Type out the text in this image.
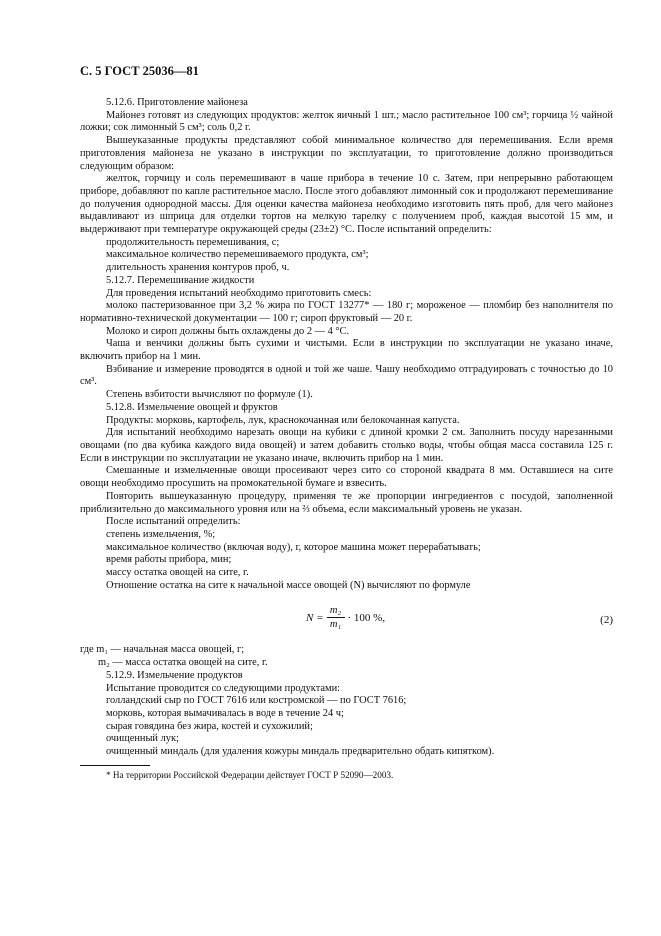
С. 5 ГОСТ 25036—81
5.12.6. Приготовление майонеза
Майонез готовят из следующих продуктов: желток яичный 1 шт.; масло растительное 100 см³; горчица ½ чайной ложки; сок лимонный 5 см³; соль 0,2 г.
Вышеуказанные продукты представляют собой минимальное количество для перемешивания. Если время приготовления майонеза не указано в инструкции по эксплуатации, то приготовление должно производиться следующим образом:
желток, горчицу и соль перемешивают в чаше прибора в течение 10 с. Затем, при непрерывно работающем приборе, добавляют по капле растительное масло. После этого добавляют лимонный сок и продолжают перемешивание до получения однородной массы. Для оценки качества майонеза необходимо изготовить пять проб, для чего майонез выдавливают из шприца для отделки тортов на мелкую тарелку с получением проб, каждая высотой 15 мм, и выдерживают при температуре окружающей среды (23±2) °С. После испытаний определить:
продолжительность перемешивания, с;
максимальное количество перемешиваемого продукта, см³;
длительность хранения контуров проб, ч.
5.12.7. Перемешивание жидкости
Для проведения испытаний необходимо приготовить смесь:
молоко пастеризованное при 3,2 % жира по ГОСТ 13277* — 180 г; мороженое — пломбир без наполнителя по нормативно-технической документации — 100 г; сироп фруктовый — 20 г.
Молоко и сироп должны быть охлаждены до 2 — 4 °С.
Чаша и венчики должны быть сухими и чистыми. Если в инструкции по эксплуатации не указано иначе, включить прибор на 1 мин.
Взбивание и измерение проводятся в одной и той же чаше. Чашу необходимо отградуировать с точностью до 10 см³.
Степень взбитости вычисляют по формуле (1).
5.12.8. Измельчение овощей и фруктов
Продукты: морковь, картофель, лук, краснокочанная или белокочанная капуста.
Для испытаний необходимо нарезать овощи на кубики с длиной кромки 2 см. Заполнить посуду нарезанными овощами (по два кубика каждого вида овощей) и затем добавить столько воды, чтобы общая масса составила 125 г. Если в инструкции по эксплуатации не указано иначе, включить прибор на 1 мин.
Смешанные и измельченные овощи просеивают через сито со стороной квадрата 8 мм. Оставшиеся на сите овощи необходимо просушить на промокательной бумаге и взвесить.
Повторить вышеуказанную процедуру, применяя те же пропорции ингредиентов с посудой, заполненной приблизительно до максимального уровня или на ⅔ объема, если максимальный уровень не указан.
После испытаний определить:
степень измельчения, %;
максимальное количество (включая воду), г, которое машина может перерабатывать;
время работы прибора, мин;
массу остатка овощей на сите, г.
Отношение остатка на сите к начальной массе овощей (N) вычисляют по формуле
$N = \frac{\text{m₂}}{\text{m₁}} \cdot 100$ %,	(2)
где m₁ — начальная масса овощей, г;
m₂ — масса остатка овощей на сите, г.
5.12.9. Измельчение продуктов
Испытание проводится со следующими продуктами:
голландский сыр по ГОСТ 7616 или костромской — по ГОСТ 7616;
морковь, которая вымачивалась в воде в течение 24 ч;
сырая говядина без жира, костей и сухожилий;
очищенный лук;
очищенный миндаль (для удаления кожуры миндаль предварительно обдать кипятком).
* На территории Российской Федерации действует ГОСТ Р 52090—2003.
